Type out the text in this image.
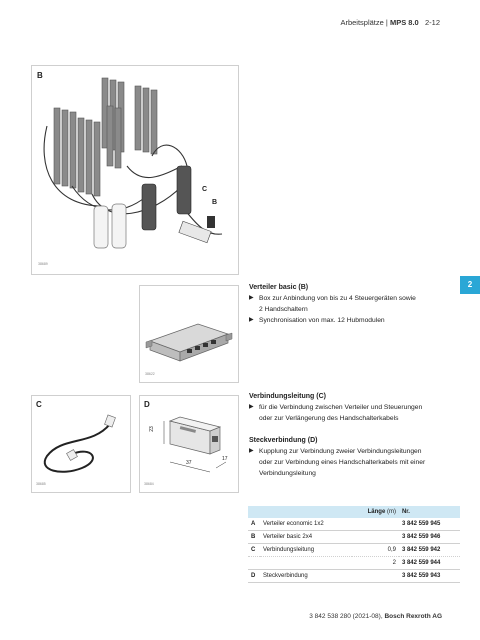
Arbeitsplätze | MPS 8.0 2-12
2
B
C
B
38689
38622
C
38685
D
23
37
17
38684
Verteiler basic (B)
▶ Box zur Anbindung von bis zu 4 Steuergeräten sowie
2 Handschaltern
▶ Synchronisation von max. 12 Hubmodulen
Verbindungsleitung (C)
▶ für die Verbindung zwischen Verteiler und Steuerungen
oder zur Verlängerung des Handschalterkabels
Steckverbindung (D)
▶ Kupplung zur Verbindung zweier Verbindungsleitungen
oder zur Verbindung eines Handschalterkabels mit einer
Verbindungsleitung
		Länge (m)	Nr.
A	Verteiler economic 1x2		3 842 559 945
B	Verteiler basic 2x4		3 842 559 946
C	Verbindungsleitung	0,9	3 842 559 942
		2	3 842 559 944
D	Steckverbindung		3 842 559 943
3 842 538 280 (2021-08), Bosch Rexroth AG
